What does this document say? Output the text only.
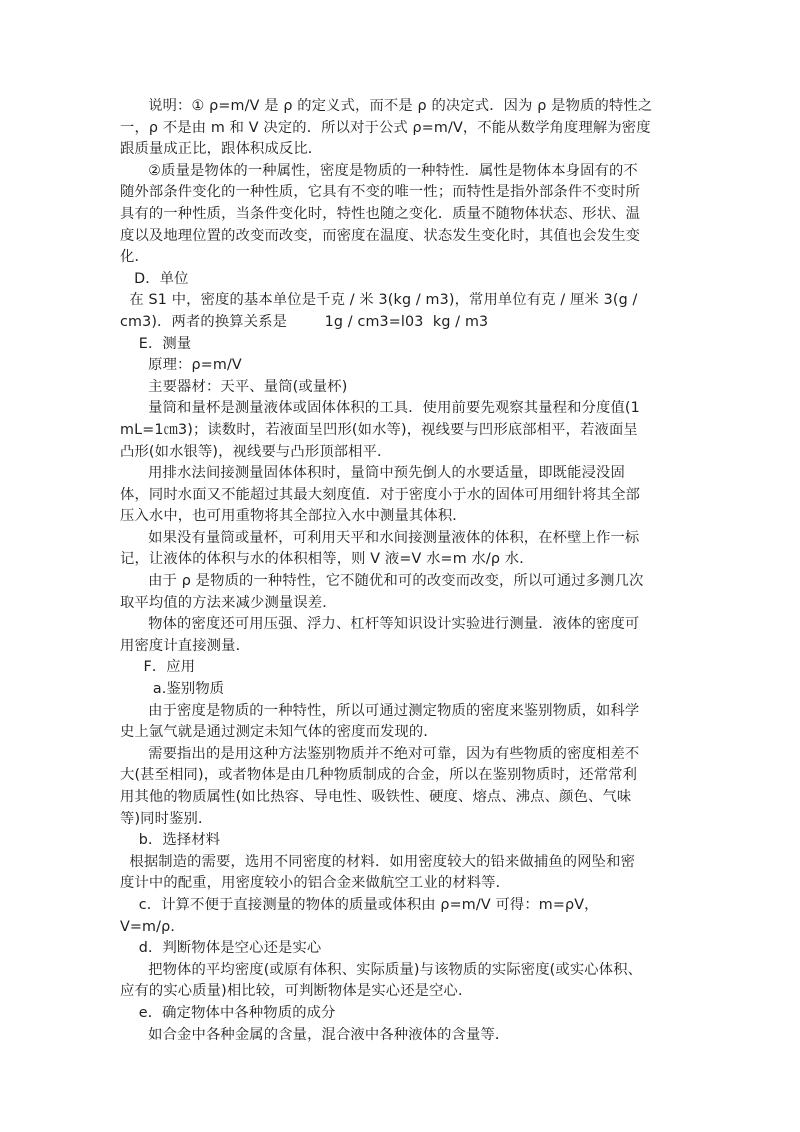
说明：① ρ=m/V 是 ρ 的定义式，而不是 ρ 的决定式．因为 ρ 是物质的特性之
一，ρ 不是由 m 和 V 决定的．所以对于公式 ρ=m/V，不能从数学角度理解为密度
跟质量成正比，跟体积成反比．
②质量是物体的一种属性，密度是物质的一种特性．属性是物体本身固有的不
随外部条件变化的一种性质，它具有不变的唯一性；而特性是指外部条件不变时所
具有的一种性质，当条件变化时，特性也随之变化．质量不随物体状态、形状、温
度以及地理位置的改变而改变，而密度在温度、状态发生变化时，其值也会发生变
化．
D．单位
在 S1 中，密度的基本单位是千克 / 米 3(kg / m3)，常用单位有克 / 厘米 3(g /
cm3)．两者的换算关系是        1g / cm3=l03  kg / m3
E．测量
原理：ρ=m/V
主要器材：天平、量筒(或量杯)
量筒和量杯是测量液体或固体体积的工具．使用前要先观察其量程和分度值(1
mL=1㎝3)；读数时，若液面呈凹形(如水等)，视线要与凹形底部相平，若液面呈
凸形(如水银等)，视线要与凸形顶部相平．
用排水法间接测量固体体积时，量筒中预先倒人的水要适量，即既能浸没固
体，同时水面又不能超过其最大刻度值．对于密度小于水的固体可用细针将其全部
压入水中，也可用重物将其全部拉入水中测量其体积．
如果没有量筒或量杯，可利用天平和水间接测量液体的体积，在杯壁上作一标
记，让液体的体积与水的体积相等，则 V 液=V 水=m 水/ρ 水．
由于 ρ 是物质的一种特性，它不随优和可的改变而改变，所以可通过多测几次
取平均值的方法来减少测量误差．
物体的密度还可用压强、浮力、杠杆等知识设计实验进行测量．液体的密度可
用密度计直接测量．
F．应用
a.鉴别物质
由于密度是物质的一种特性，所以可通过测定物质的密度来鉴别物质，如科学
史上氩气就是通过测定未知气体的密度而发现的．
需要指出的是用这种方法鉴别物质并不绝对可靠，因为有些物质的密度相差不
大(甚至相同)，或者物体是由几种物质制成的合金，所以在鉴别物质时，还常常利
用其他的物质属性(如比热容、导电性、吸铁性、硬度、熔点、沸点、颜色、气味
等)同时鉴别．
b．选择材料
根据制造的需要，选用不同密度的材料．如用密度较大的铅来做捕鱼的网坠和密
度计中的配重，用密度较小的铝合金来做航空工业的材料等．
c．计算不便于直接测量的物体的质量或体积由 ρ=m/V 可得：m=ρV，
V=m/ρ．
d．判断物体是空心还是实心
把物体的平均密度(或原有体积、实际质量)与该物质的实际密度(或实心体积、
应有的实心质量)相比较，可判断物体是实心还是空心．
e．确定物体中各种物质的成分
如合金中各种金属的含量，混合液中各种液体的含量等．
